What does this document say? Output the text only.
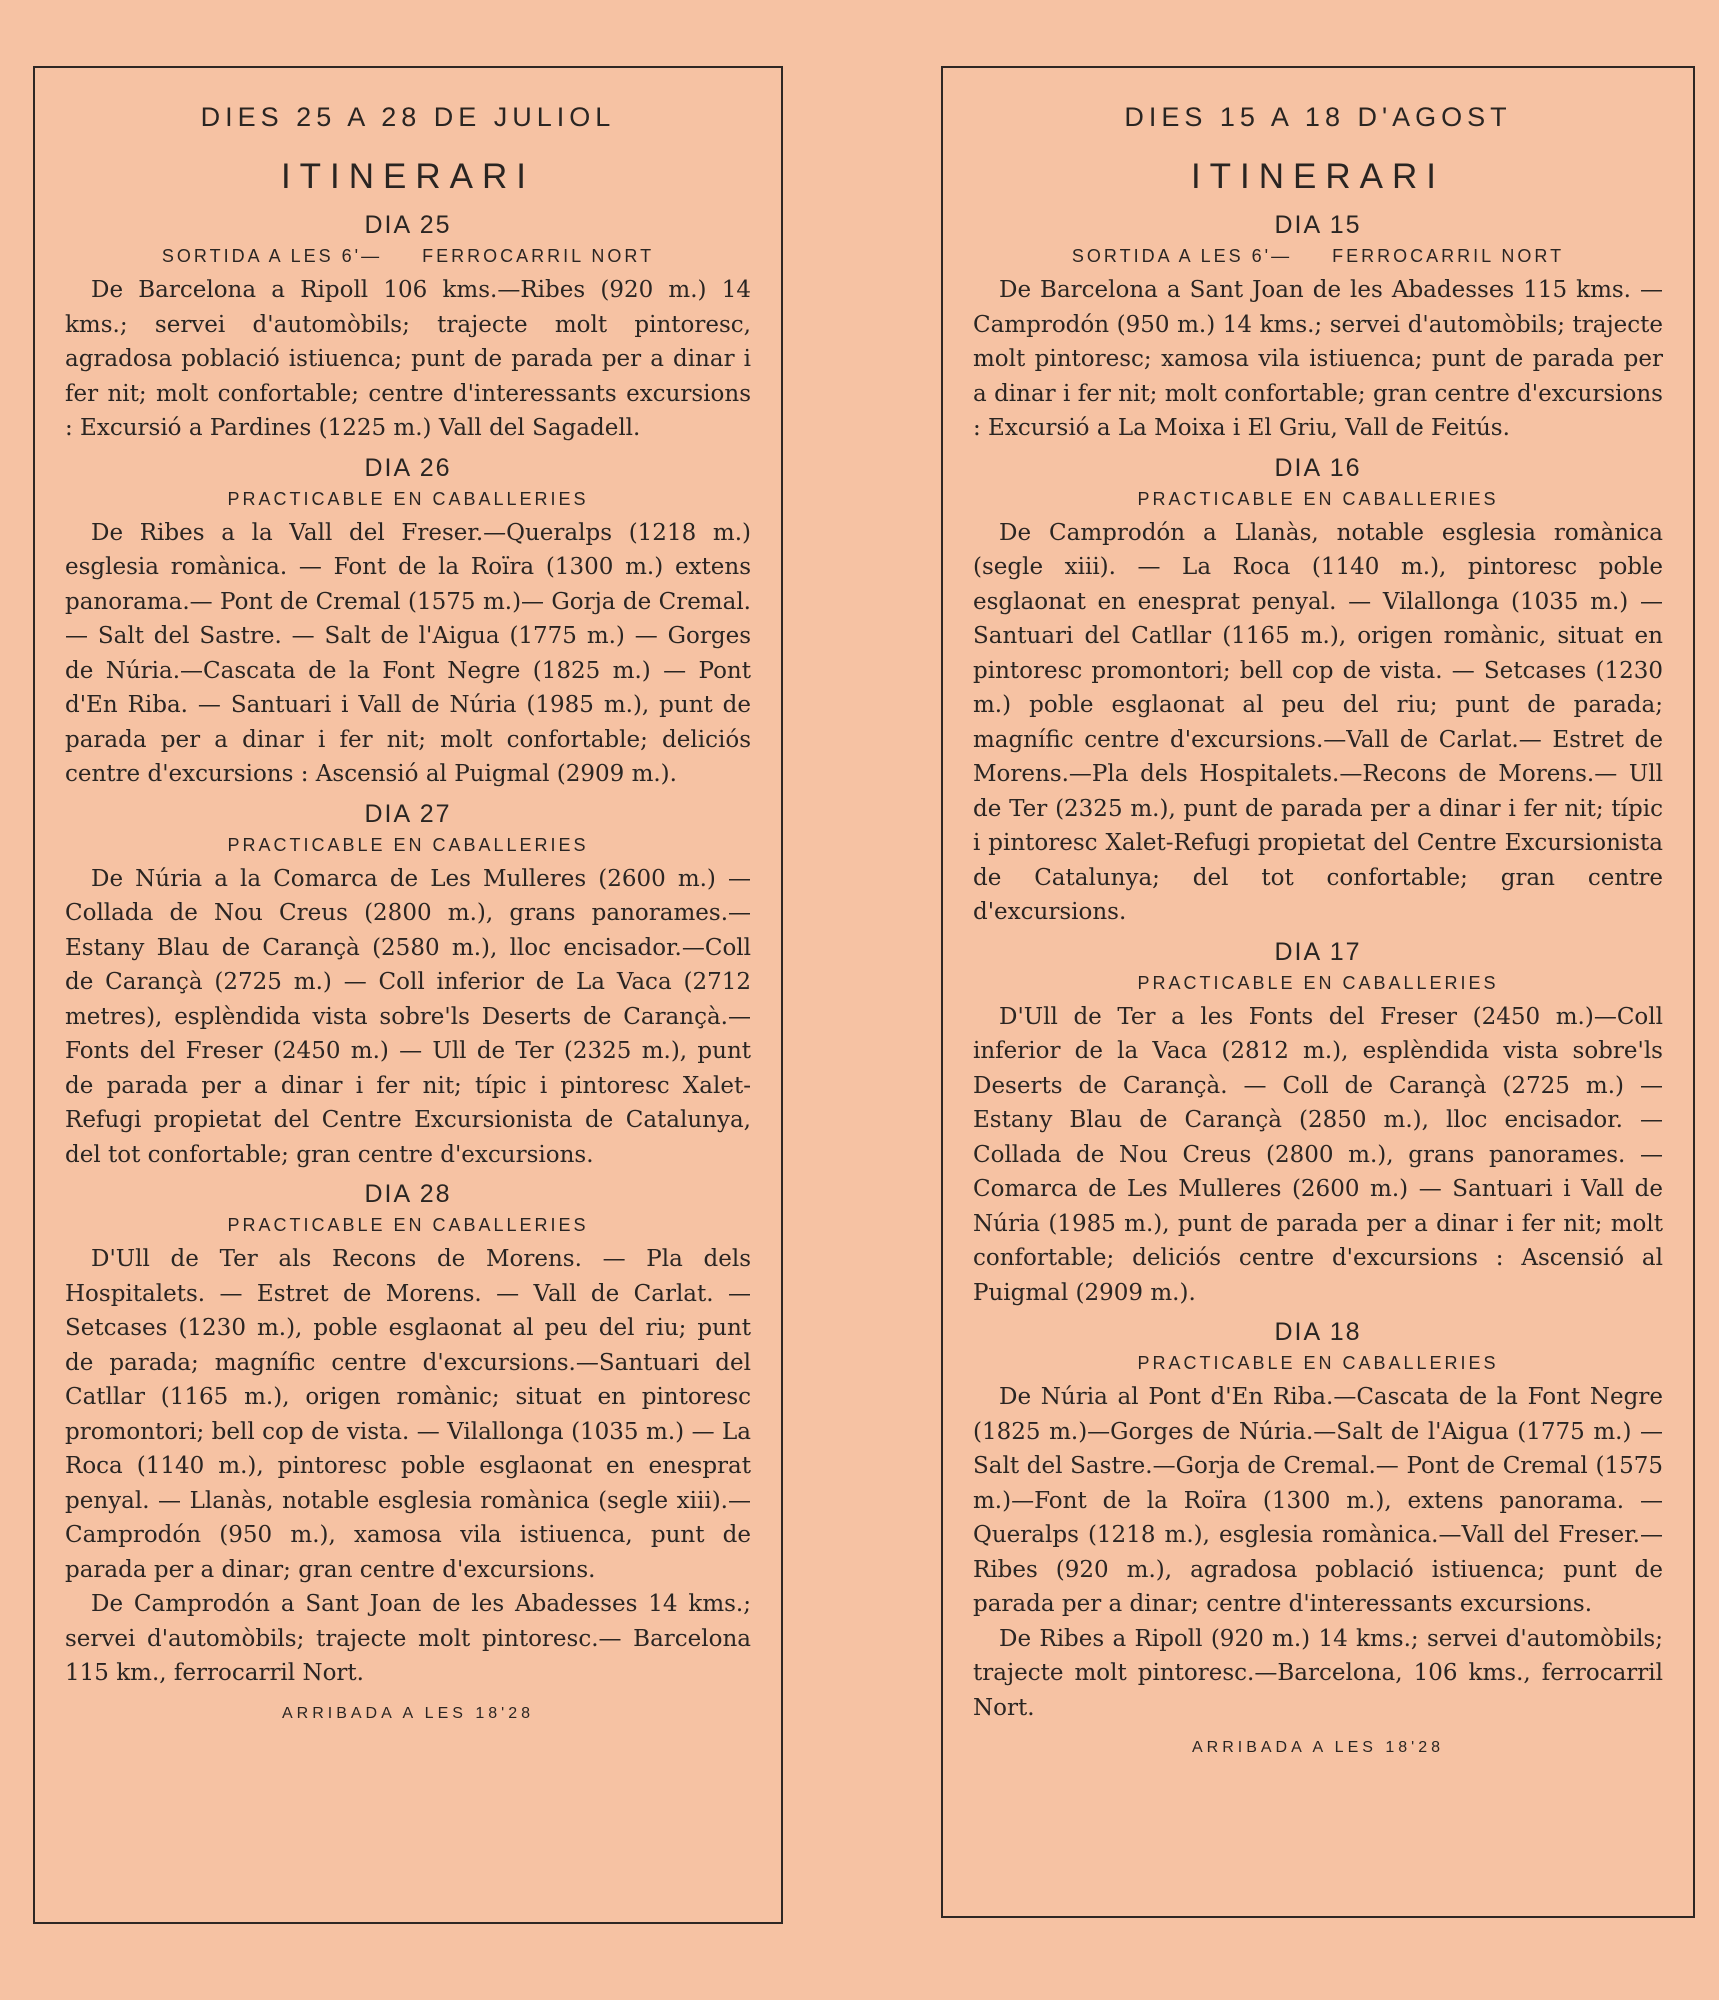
DIES 25 A 28 DE JULIOL
ITINERARI
DIA 25
SORTIDA A LES 6'— FERROCARRIL NORT

De Barcelona a Ripoll 106 kms.—Ribes (920 m.) 14 kms.; servei d'automòbils; trajecte molt pintoresc, agradosa població istiuenca; punt de parada per a dinar i fer nit; molt confortable; centre d'interessants excursions : Excursió a Pardines (1225 m.) Vall del Sagadell.

DIA 26
PRACTICABLE EN CABALLERIES

De Ribes a la Vall del Freser.—Queralps (1218 m.) esglesia romànica. — Font de la Roïra (1300 m.) extens panorama.— Pont de Cremal (1575 m.)— Gorja de Cremal. — Salt del Sastre. — Salt de l'Aigua (1775 m.) — Gorges de Núria.—Cascata de la Font Negre (1825 m.) — Pont d'En Riba. — Santuari i Vall de Núria (1985 m.), punt de parada per a dinar i fer nit; molt confortable; deliciós centre d'excursions : Ascensió al Puigmal (2909 m.).

DIA 27
PRACTICABLE EN CABALLERIES

De Núria a la Comarca de Les Mulleres (2600 m.) — Collada de Nou Creus (2800 m.), grans panorames.— Estany Blau de Carançà (2580 m.), lloc encisador.—Coll de Carançà (2725 m.) — Coll inferior de La Vaca (2712 metres), esplèndida vista sobre'ls Deserts de Carançà.— Fonts del Freser (2450 m.) — Ull de Ter (2325 m.), punt de parada per a dinar i fer nit; típic i pintoresc Xalet-Refugi propietat del Centre Excursionista de Catalunya, del tot confortable; gran centre d'excursions.

DIA 28
PRACTICABLE EN CABALLERIES

D'Ull de Ter als Recons de Morens. — Pla dels Hospitalets. — Estret de Morens. — Vall de Carlat. — Setcases (1230 m.), poble esglaonat al peu del riu; punt de parada; magnífic centre d'excursions.—Santuari del Catllar (1165 m.), origen romànic; situat en pintoresc promontori; bell cop de vista. — Vilallonga (1035 m.) — La Roca (1140 m.), pintoresc poble esglaonat en enesprat penyal. — Llanàs, notable esglesia romànica (segle xiii).—Camprodón (950 m.), xamosa vila istiuenca, punt de parada per a dinar; gran centre d'excursions.

De Camprodón a Sant Joan de les Abadesses 14 kms.; servei d'automòbils; trajecte molt pintoresc.— Barcelona 115 km., ferrocarril Nort.

ARRIBADA A LES 18'28
DIES 15 A 18 D'AGOST
ITINERARI
DIA 15
SORTIDA A LES 6'— FERROCARRIL NORT

De Barcelona a Sant Joan de les Abadesses 115 kms. — Camprodón (950 m.) 14 kms.; servei d'automòbils; trajecte molt pintoresc; xamosa vila istiuenca; punt de parada per a dinar i fer nit; molt confortable; gran centre d'excursions : Excursió a La Moixa i El Griu, Vall de Feitús.

DIA 16
PRACTICABLE EN CABALLERIES

De Camprodón a Llanàs, notable esglesia romànica (segle xiii). — La Roca (1140 m.), pintoresc poble esglaonat en enesprat penyal. — Vilallonga (1035 m.) —Santuari del Catllar (1165 m.), origen romànic, situat en pintoresc promontori; bell cop de vista. — Setcases (1230 m.) poble esglaonat al peu del riu; punt de parada; magnífic centre d'excursions.—Vall de Carlat.— Estret de Morens.—Pla dels Hospitalets.—Recons de Morens.— Ull de Ter (2325 m.), punt de parada per a dinar i fer nit; típic i pintoresc Xalet-Refugi propietat del Centre Excursionista de Catalunya; del tot confortable; gran centre d'excursions.

DIA 17
PRACTICABLE EN CABALLERIES

D'Ull de Ter a les Fonts del Freser (2450 m.)—Coll inferior de la Vaca (2812 m.), esplèndida vista sobre'ls Deserts de Carançà. — Coll de Carançà (2725 m.) — Estany Blau de Carançà (2850 m.), lloc encisador. — Collada de Nou Creus (2800 m.), grans panorames. —Comarca de Les Mulleres (2600 m.) — Santuari i Vall de Núria (1985 m.), punt de parada per a dinar i fer nit; molt confortable; deliciós centre d'excursions : Ascensió al Puigmal (2909 m.).

DIA 18
PRACTICABLE EN CABALLERIES

De Núria al Pont d'En Riba.—Cascata de la Font Negre (1825 m.)—Gorges de Núria.—Salt de l'Aigua (1775 m.) —Salt del Sastre.—Gorja de Cremal.— Pont de Cremal (1575 m.)—Font de la Roïra (1300 m.), extens panorama. —Queralps (1218 m.), esglesia romànica.—Vall del Freser.—Ribes (920 m.), agradosa població istiuenca; punt de parada per a dinar; centre d'interessants excursions.

De Ribes a Ripoll (920 m.) 14 kms.; servei d'automòbils; trajecte molt pintoresc.—Barcelona, 106 kms., ferrocarril Nort.

ARRIBADA A LES 18'28
